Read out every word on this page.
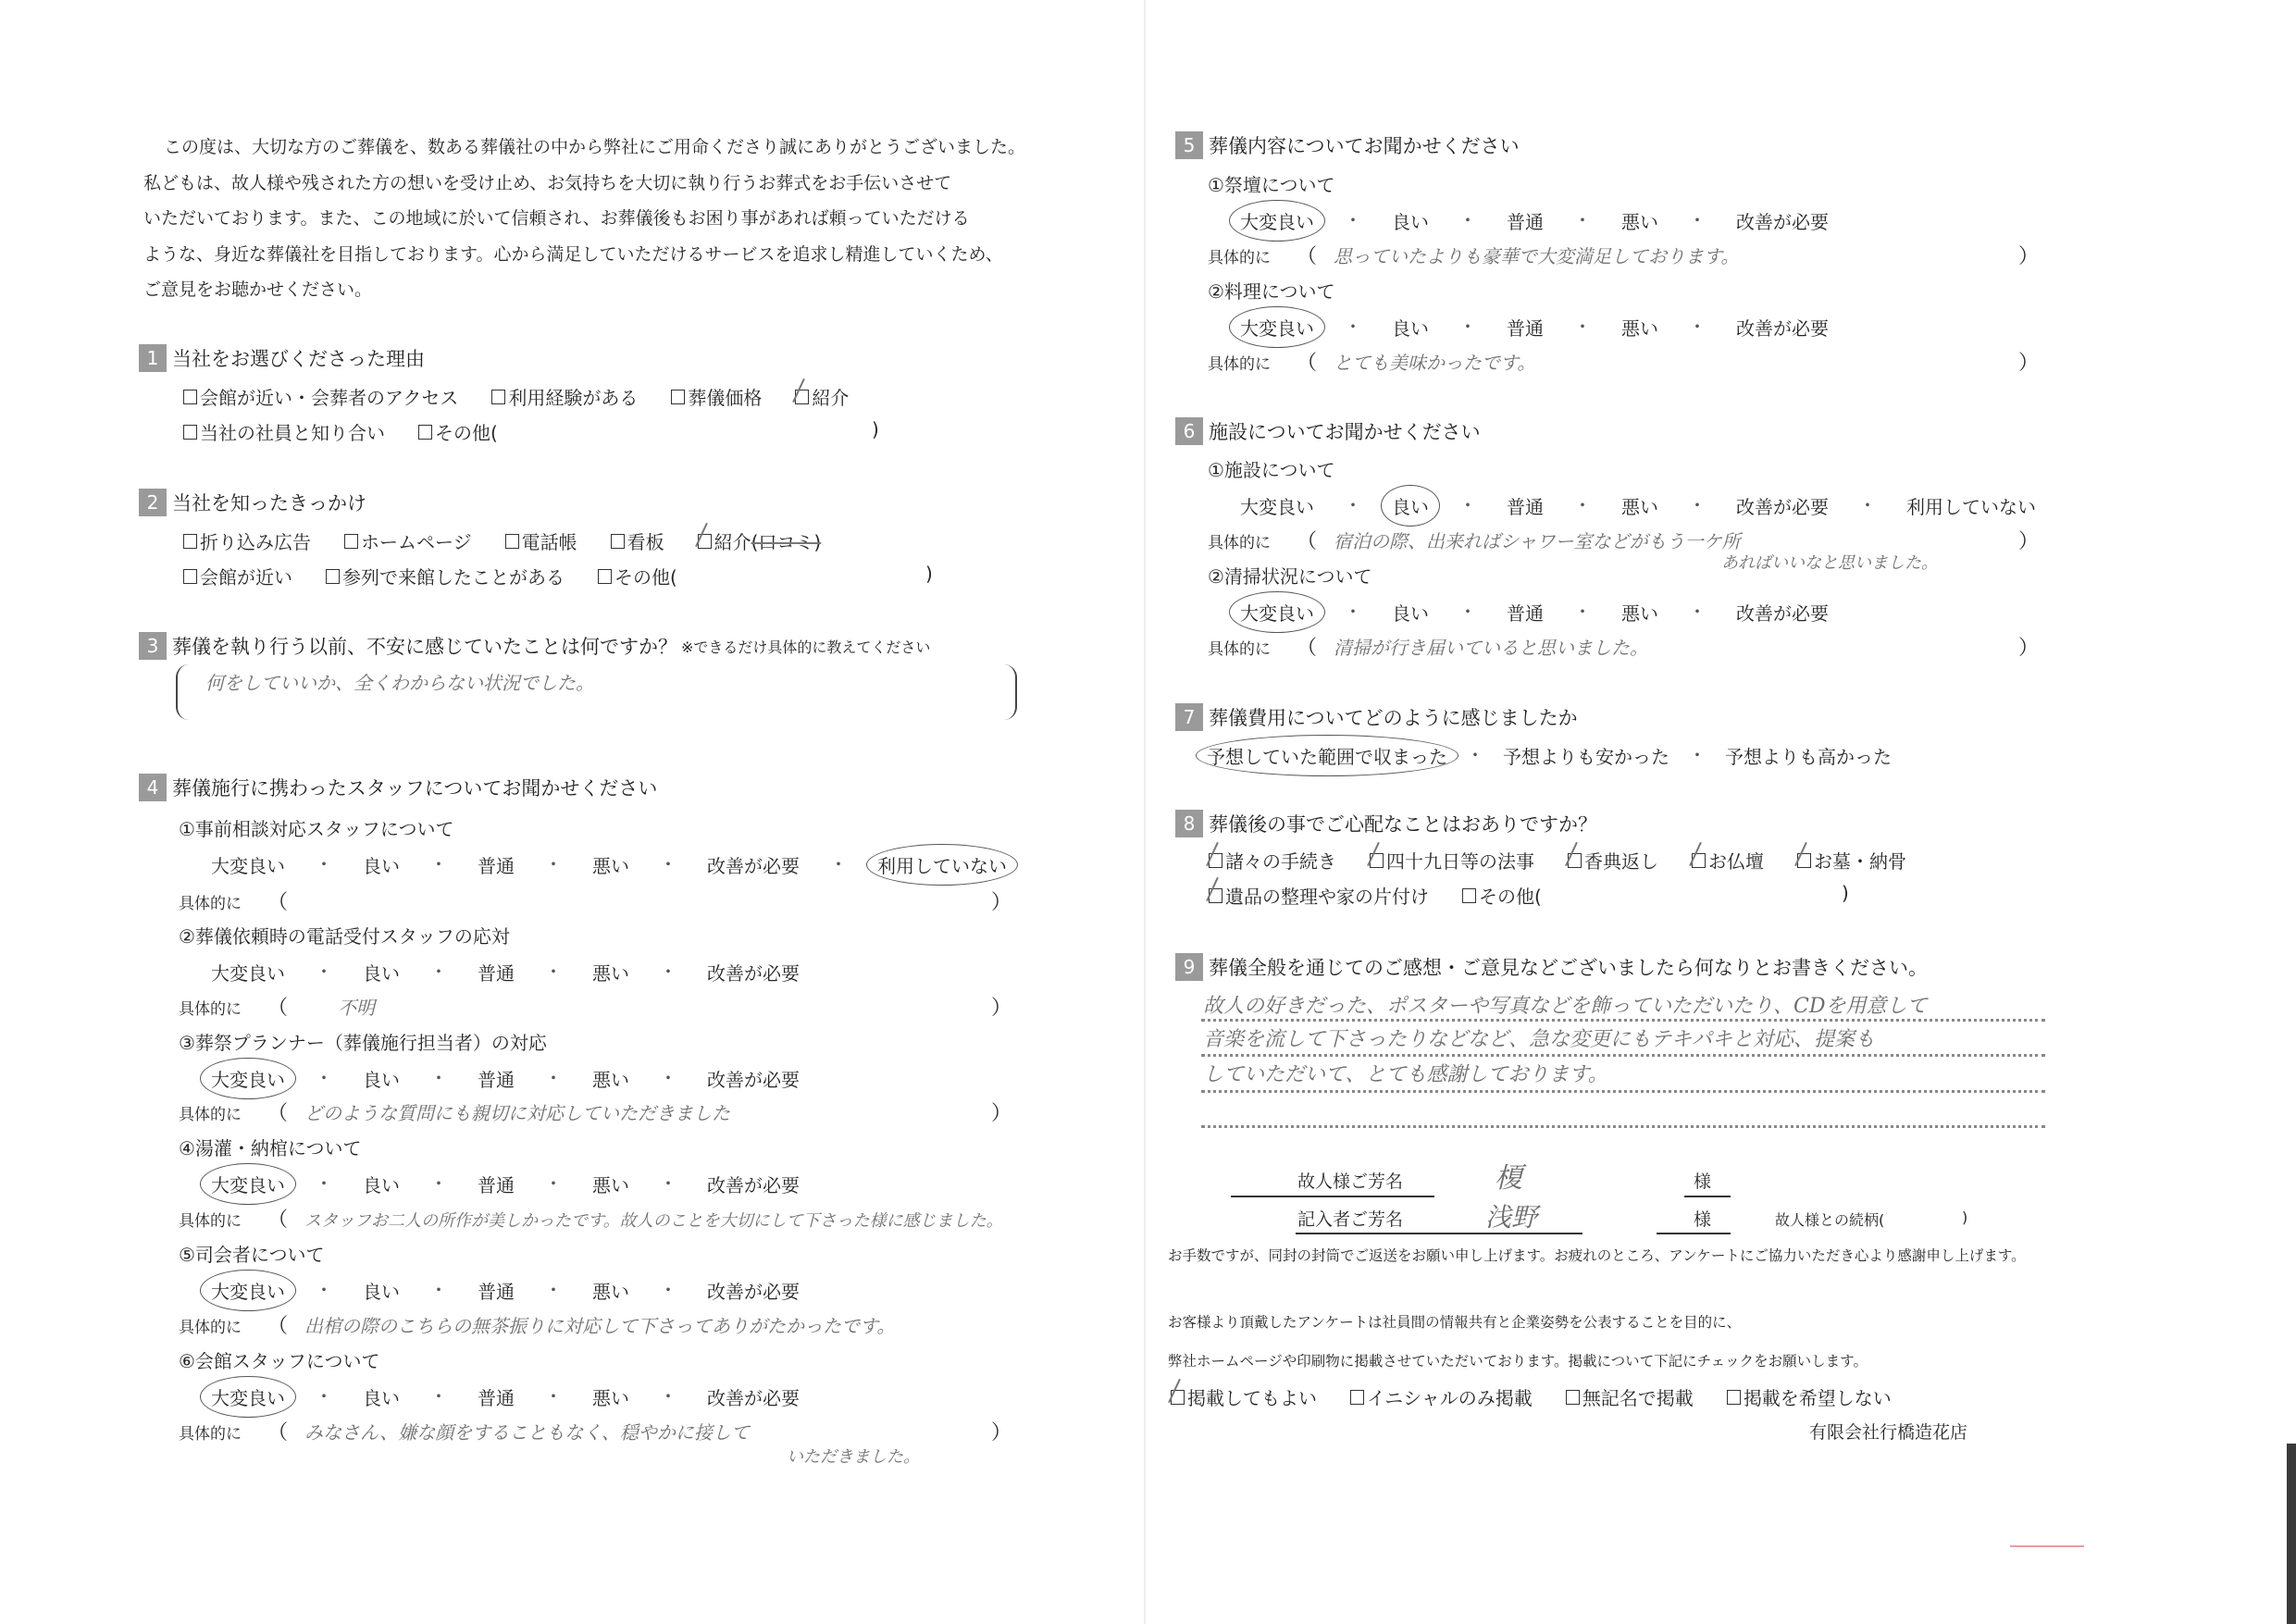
この度は、大切な方のご葬儀を、数ある葬儀社の中から弊社にご用命くださり誠にありがとうございました。

私どもは、故人様や残された方の想いを受け止め、お気持ちを大切に執り行うお葬式をお手伝いさせて

いただいております。また、この地域に於いて信頼され、お葬儀後もお困り事があれば頼っていただける

ような、身近な葬儀社を目指しております。心から満足していただけるサービスを追求し精進していくため、

ご意見をお聴かせください。

1 当社をお選びくださった理由
会館が近い・会葬者のアクセス	利用経験がある	葬儀価格	紹介
当社の社員と知り合い	その他(	)
2 当社を知ったきっかけ
折り込み広告	ホームページ	電話帳	看板	紹介 (口コミ)
会館が近い	参列で来館したことがある	その他(	)
3 葬儀を執り行う以前、不安に感じていたことは何ですか？ ※できるだけ具体的に教えてください
何をしていいか、全くわからない状況でした。
4 葬儀施行に携わったスタッフについてお聞かせください
①事前相談対応スタッフについて
大変良い	・	良い	・	普通	・	悪い	・	改善が必要	・	利用していない
具体的に	（	）
②葬儀依頼時の電話受付スタッフの応対
大変良い	・	良い	・	普通	・	悪い	・	改善が必要
具体的に	（	不明	）
③葬祭プランナー（葬儀施行担当者）の対応
大変良い	・	良い	・	普通	・	悪い	・	改善が必要
具体的に	（ どのような質問にも親切に対応していただきました	）
④湯灌・納棺について
大変良い	・	良い	・	普通	・	悪い	・	改善が必要
具体的に	（ スタッフお二人の所作が美しかったです。故人のことを大切にして下さった様に感じました。
⑤司会者について
大変良い	・	良い	・	普通	・	悪い	・	改善が必要
具体的に	（ 出棺の際のこちらの無茶振りに対応して下さってありがたかったです。
⑥会館スタッフについて
大変良い	・	良い	・	普通	・	悪い	・	改善が必要
具体的に	（ みなさん、嫌な顔をすることもなく、穏やかに接して	）
いただきました。
5 葬儀内容についてお聞かせください
①祭壇について
大変良い	・	良い	・	普通	・	悪い	・	改善が必要
具体的に	（ 思っていたよりも豪華で大変満足しております。	）
②料理について
大変良い	・	良い	・	普通	・	悪い	・	改善が必要
具体的に	（ とても美味かったです。	）
6 施設についてお聞かせください
①施設について
大変良い	・	良い	・	普通	・	悪い	・	改善が必要	・	利用していない
具体的に	（ 宿泊の際、出来ればシャワー室などがもう一ケ所	）
あればいいなと思いました。
②清掃状況について
大変良い	・	良い	・	普通	・	悪い	・	改善が必要
具体的に	（ 清掃が行き届いていると思いました。	）
7 葬儀費用についてどのように感じましたか
予想していた範囲で収まった	・	予想よりも安かった	・	予想よりも高かった
8 葬儀後の事でご心配なことはおありですか？
諸々の手続き	四十九日等の法事	香典返し	お仏壇	お墓・納骨
遺品の整理や家の片付け	その他(	)
9 葬儀全般を通じてのご感想・ご意見などございましたら何なりとお書きください。
故人の好きだった、ポスターや写真などを飾っていただいたり、CDを用意して
音楽を流して下さったりなどなど、急な変更にもテキパキと対応、提案も
していただいて、とても感謝しております。
故人様ご芳名	榎	様
記入者ご芳名	浅野	様	故人様との続柄(	)
お手数ですが、同封の封筒でご返送をお願い申し上げます。お疲れのところ、アンケートにご協力いただき心より感謝申し上げます。
お客様より頂戴したアンケートは社員間の情報共有と企業姿勢を公表することを目的に、
弊社ホームページや印刷物に掲載させていただいております。掲載について下記にチェックをお願いします。
掲載してもよい	イニシャルのみ掲載	無記名で掲載	掲載を希望しない
有限会社行橋造花店
